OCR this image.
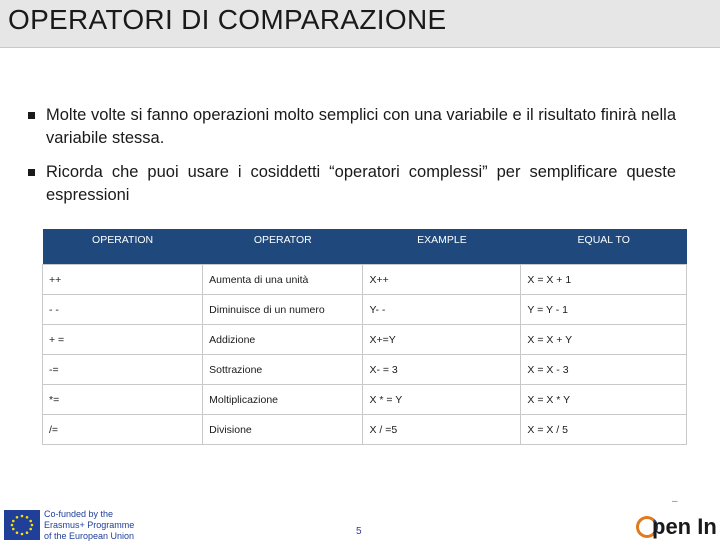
OPERATORI DI COMPARAZIONE
Molte volte si fanno operazioni molto semplici con una variabile e il risultato finirà nella variabile stessa.
Ricorda che puoi usare i cosiddetti “operatori complessi” per semplificare queste espressioni
OPERATION	OPERATOR	EXAMPLE	EQUAL TO
++	Aumenta di una unità	X++	X = X + 1
- -	Diminuisce di un numero	Y- -	Y = Y - 1
+ =	Addizione	X+=Y	X = X + Y
-=	Sottrazione	X- = 3	X = X - 3
*=	Moltiplicazione	X * = Y	X = X * Y
/=	Divisione	X / =5	X = X / 5
Co-funded by the
Erasmus+ Programme
of the European Union	5
–
pen In
